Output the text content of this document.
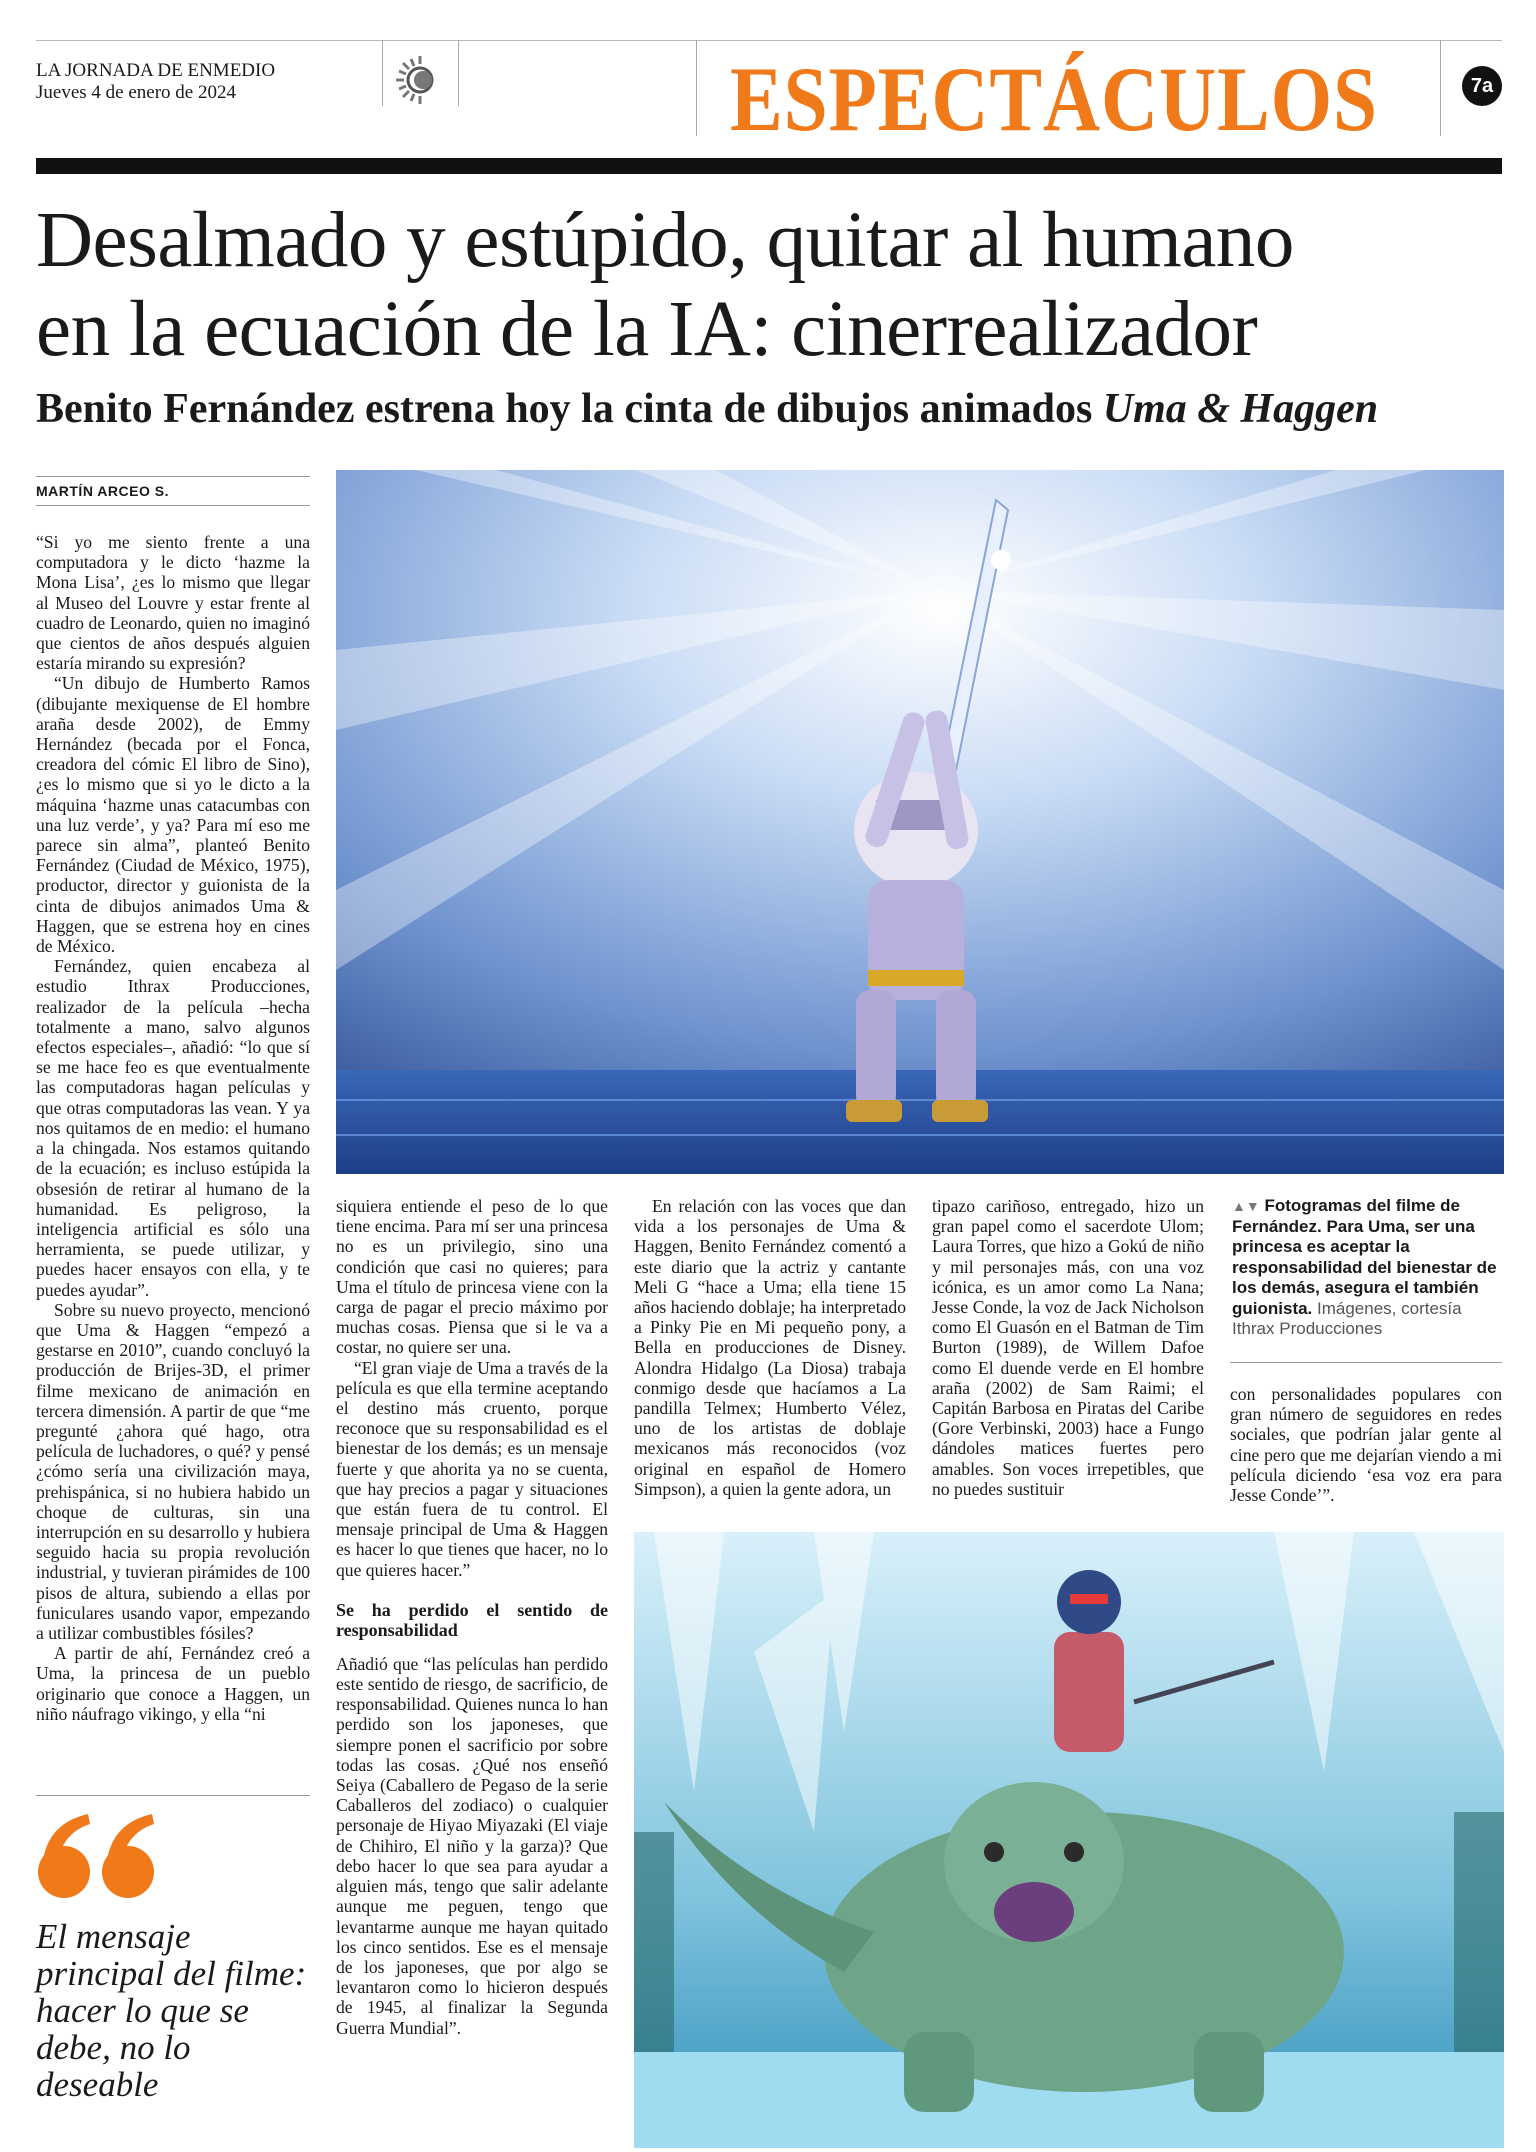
LA JORNADA DE ENMEDIO
Jueves 4 de enero de 2024	ESPECTÁCULOS	7a
Desalmado y estúpido, quitar al humano
en la ecuación de la IA: cinerrealizador
Benito Fernández estrena hoy la cinta de dibujos animados Uma & Haggen
MARTÍN ARCEO S.

“Si yo me siento frente a una computadora y le dicto ‘hazme la Mona Lisa’, ¿es lo mismo que llegar al Museo del Louvre y estar frente al cuadro de Leonardo, quien no imaginó que cientos de años después alguien estaría mirando su expresión?

“Un dibujo de Humberto Ramos (dibujante mexiquense de El hombre araña desde 2002), de Emmy Hernández (becada por el Fonca, creadora del cómic El libro de Sino), ¿es lo mismo que si yo le dicto a la máquina ‘hazme unas catacumbas con una luz verde’, y ya? Para mí eso me parece sin alma”, planteó Benito Fernández (Ciudad de México, 1975), productor, director y guionista de la cinta de dibujos animados Uma & Haggen, que se estrena hoy en cines de México.

Fernández, quien encabeza al estudio Ithrax Producciones, realizador de la película –hecha totalmente a mano, salvo algunos efectos especiales–, añadió: “lo que sí se me hace feo es que eventualmente las computadoras hagan películas y que otras computadoras las vean. Y ya nos quitamos de en medio: el humano a la chingada. Nos estamos quitando de la ecuación; es incluso estúpida la obsesión de retirar al humano de la humanidad. Es peligroso, la inteligencia artificial es sólo una herramienta, se puede utilizar, y puedes hacer ensayos con ella, y te puedes ayudar”.

Sobre su nuevo proyecto, mencionó que Uma & Haggen “empezó a gestarse en 2010”, cuando concluyó la producción de Brijes-3D, el primer filme mexicano de animación en tercera dimensión. A partir de que “me pregunté ¿ahora qué hago, otra película de luchadores, o qué? y pensé ¿cómo sería una civilización maya, prehispánica, si no hubiera habido un choque de culturas, sin una interrupción en su desarrollo y hubiera seguido hacia su propia revolución industrial, y tuvieran pirámides de 100 pisos de altura, subiendo a ellas por funiculares usando vapor, empezando a utilizar combustibles fósiles?

A partir de ahí, Fernández creó a Uma, la princesa de un pueblo originario que conoce a Haggen, un niño náufrago vikingo, y ella “ni

siquiera entiende el peso de lo que tiene encima. Para mí ser una princesa no es un privilegio, sino una condición que casi no quieres; para Uma el título de princesa viene con la carga de pagar el precio máximo por muchas cosas. Piensa que si le va a costar, no quiere ser una.

“El gran viaje de Uma a través de la película es que ella termine aceptando el destino más cruento, porque reconoce que su responsabilidad es el bienestar de los demás; es un mensaje fuerte y que ahorita ya no se cuenta, que hay precios a pagar y situaciones que están fuera de tu control. El mensaje principal de Uma & Haggen es hacer lo que tienes que hacer, no lo que quieres hacer.”

Se ha perdido el sentido de responsabilidad

Añadió que “las películas han perdido este sentido de riesgo, de sacrificio, de responsabilidad. Quienes nunca lo han perdido son los japoneses, que siempre ponen el sacrificio por sobre todas las cosas. ¿Qué nos enseñó Seiya (Caballero de Pegaso de la serie Caballeros del zodiaco) o cualquier personaje de Hiyao Miyazaki (El viaje de Chihiro, El niño y la garza)? Que debo hacer lo que sea para ayudar a alguien más, tengo que salir adelante aunque me peguen, tengo que levantarme aunque me hayan quitado los cinco sentidos. Ese es el mensaje de los japoneses, que por algo se levantaron como lo hicieron después de 1945, al finalizar la Segunda Guerra Mundial”.

En relación con las voces que dan vida a los personajes de Uma & Haggen, Benito Fernández comentó a este diario que la actriz y cantante Meli G “hace a Uma; ella tiene 15 años haciendo doblaje; ha interpretado a Pinky Pie en Mi pequeño pony, a Bella en producciones de Disney. Alondra Hidalgo (La Diosa) trabaja conmigo desde que hacíamos a La pandilla Telmex; Humberto Vélez, uno de los artistas de doblaje mexicanos más reconocidos (voz original en español de Homero Simpson), a quien la gente adora, un

tipazo cariñoso, entregado, hizo un gran papel como el sacerdote Ulom; Laura Torres, que hizo a Gokú de niño y mil personajes más, con una voz icónica, es un amor como La Nana; Jesse Conde, la voz de Jack Nicholson como El Guasón en el Batman de Tim Burton (1989), de Willem Dafoe como El duende verde en El hombre araña (2002) de Sam Raimi; el Capitán Barbosa en Piratas del Caribe (Gore Verbinski, 2003) hace a Fungo dándoles matices fuertes pero amables. Son voces irrepetibles, que no puedes sustituir

▲▼ Fotogramas del filme de Fernández. Para Uma, ser una princesa es aceptar la responsabilidad del bienestar de los demás, asegura el también guionista. Imágenes, cortesía Ithrax Producciones

con personalidades populares con gran número de seguidores en redes sociales, que podrían jalar gente al cine pero que me dejarían viendo a mi película diciendo ‘esa voz era para Jesse Conde’”.

El mensaje principal del filme: hacer lo que se debe, no lo deseable
